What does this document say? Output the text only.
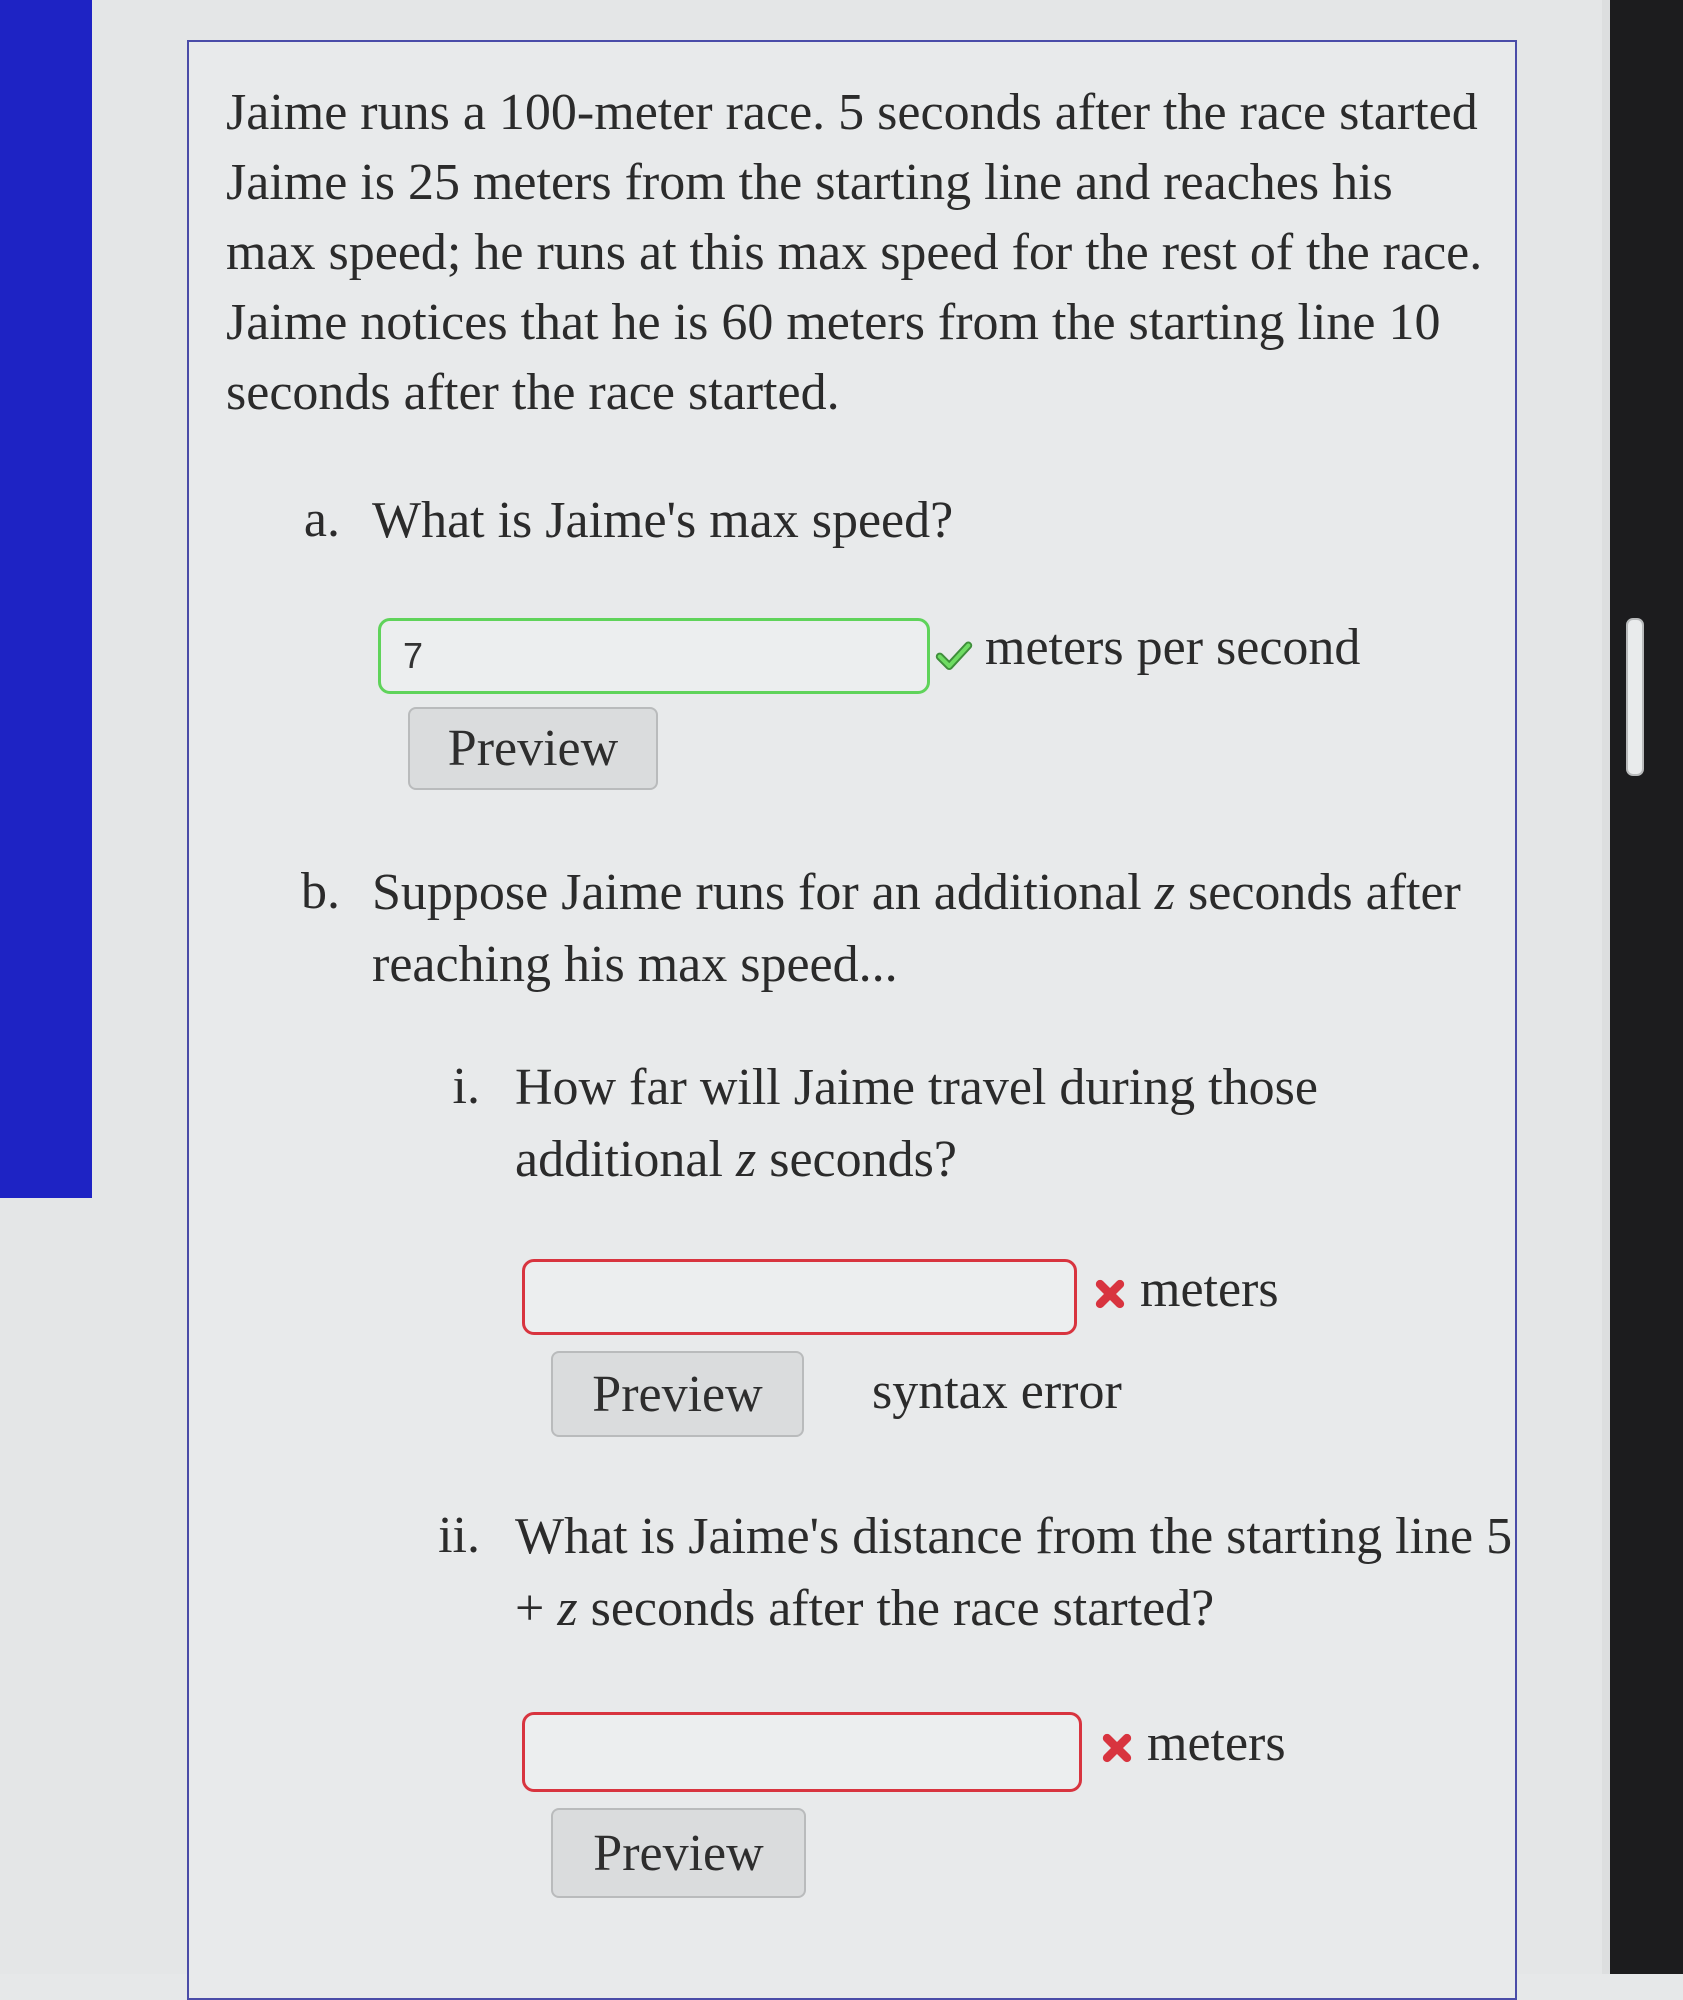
Jaime runs a 100-meter race. 5 seconds after the race started Jaime is 25 meters from the starting line and reaches his max speed; he runs at this max speed for the rest of the race. Jaime notices that he is 60 meters from the starting line 10 seconds after the race started.

a. What is Jaime's max speed?

7
meters per second
Preview
b. Suppose Jaime runs for an additional z seconds after reaching his max speed...

i. How far will Jaime travel during those additional z seconds?

meters
Preview	syntax error
ii. What is Jaime's distance from the starting line 5 + z seconds after the race started?

meters
Preview
